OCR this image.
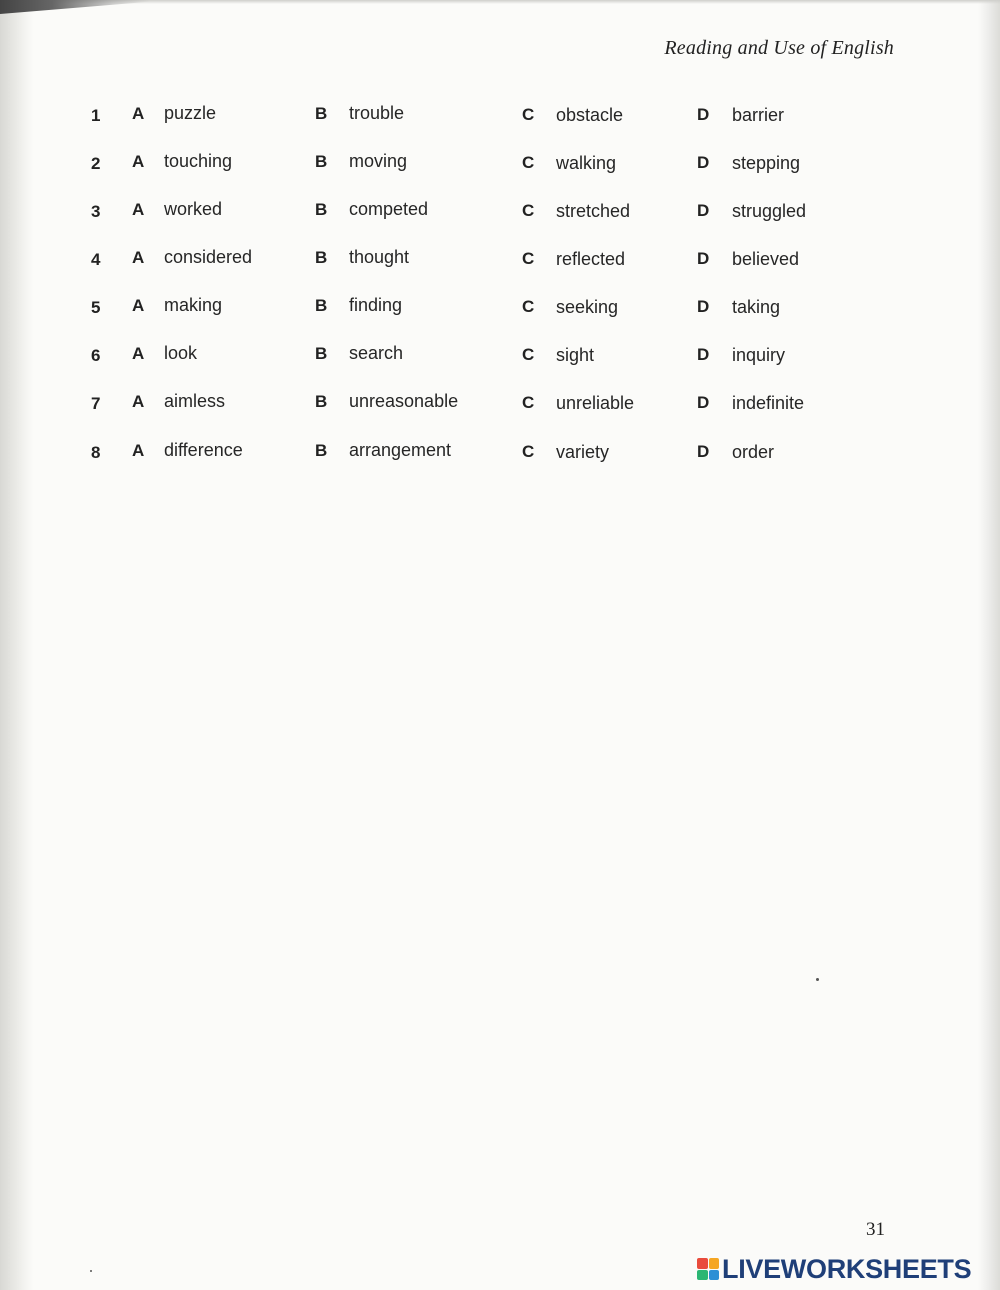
Reading and Use of English
1 A puzzle	B trouble	C obstacle	D barrier
2 A touching	B moving	C walking	D stepping
3 A worked	B competed	C stretched	D struggled
4 A considered	B thought	C reflected	D believed
5 A making	B finding	C seeking	D taking
6 A look	B search	C sight	D inquiry
7 A aimless	B unreasonable	C unreliable	D indefinite
8 A difference	B arrangement	C variety	D order
31
LIVEWORKSHEETS
